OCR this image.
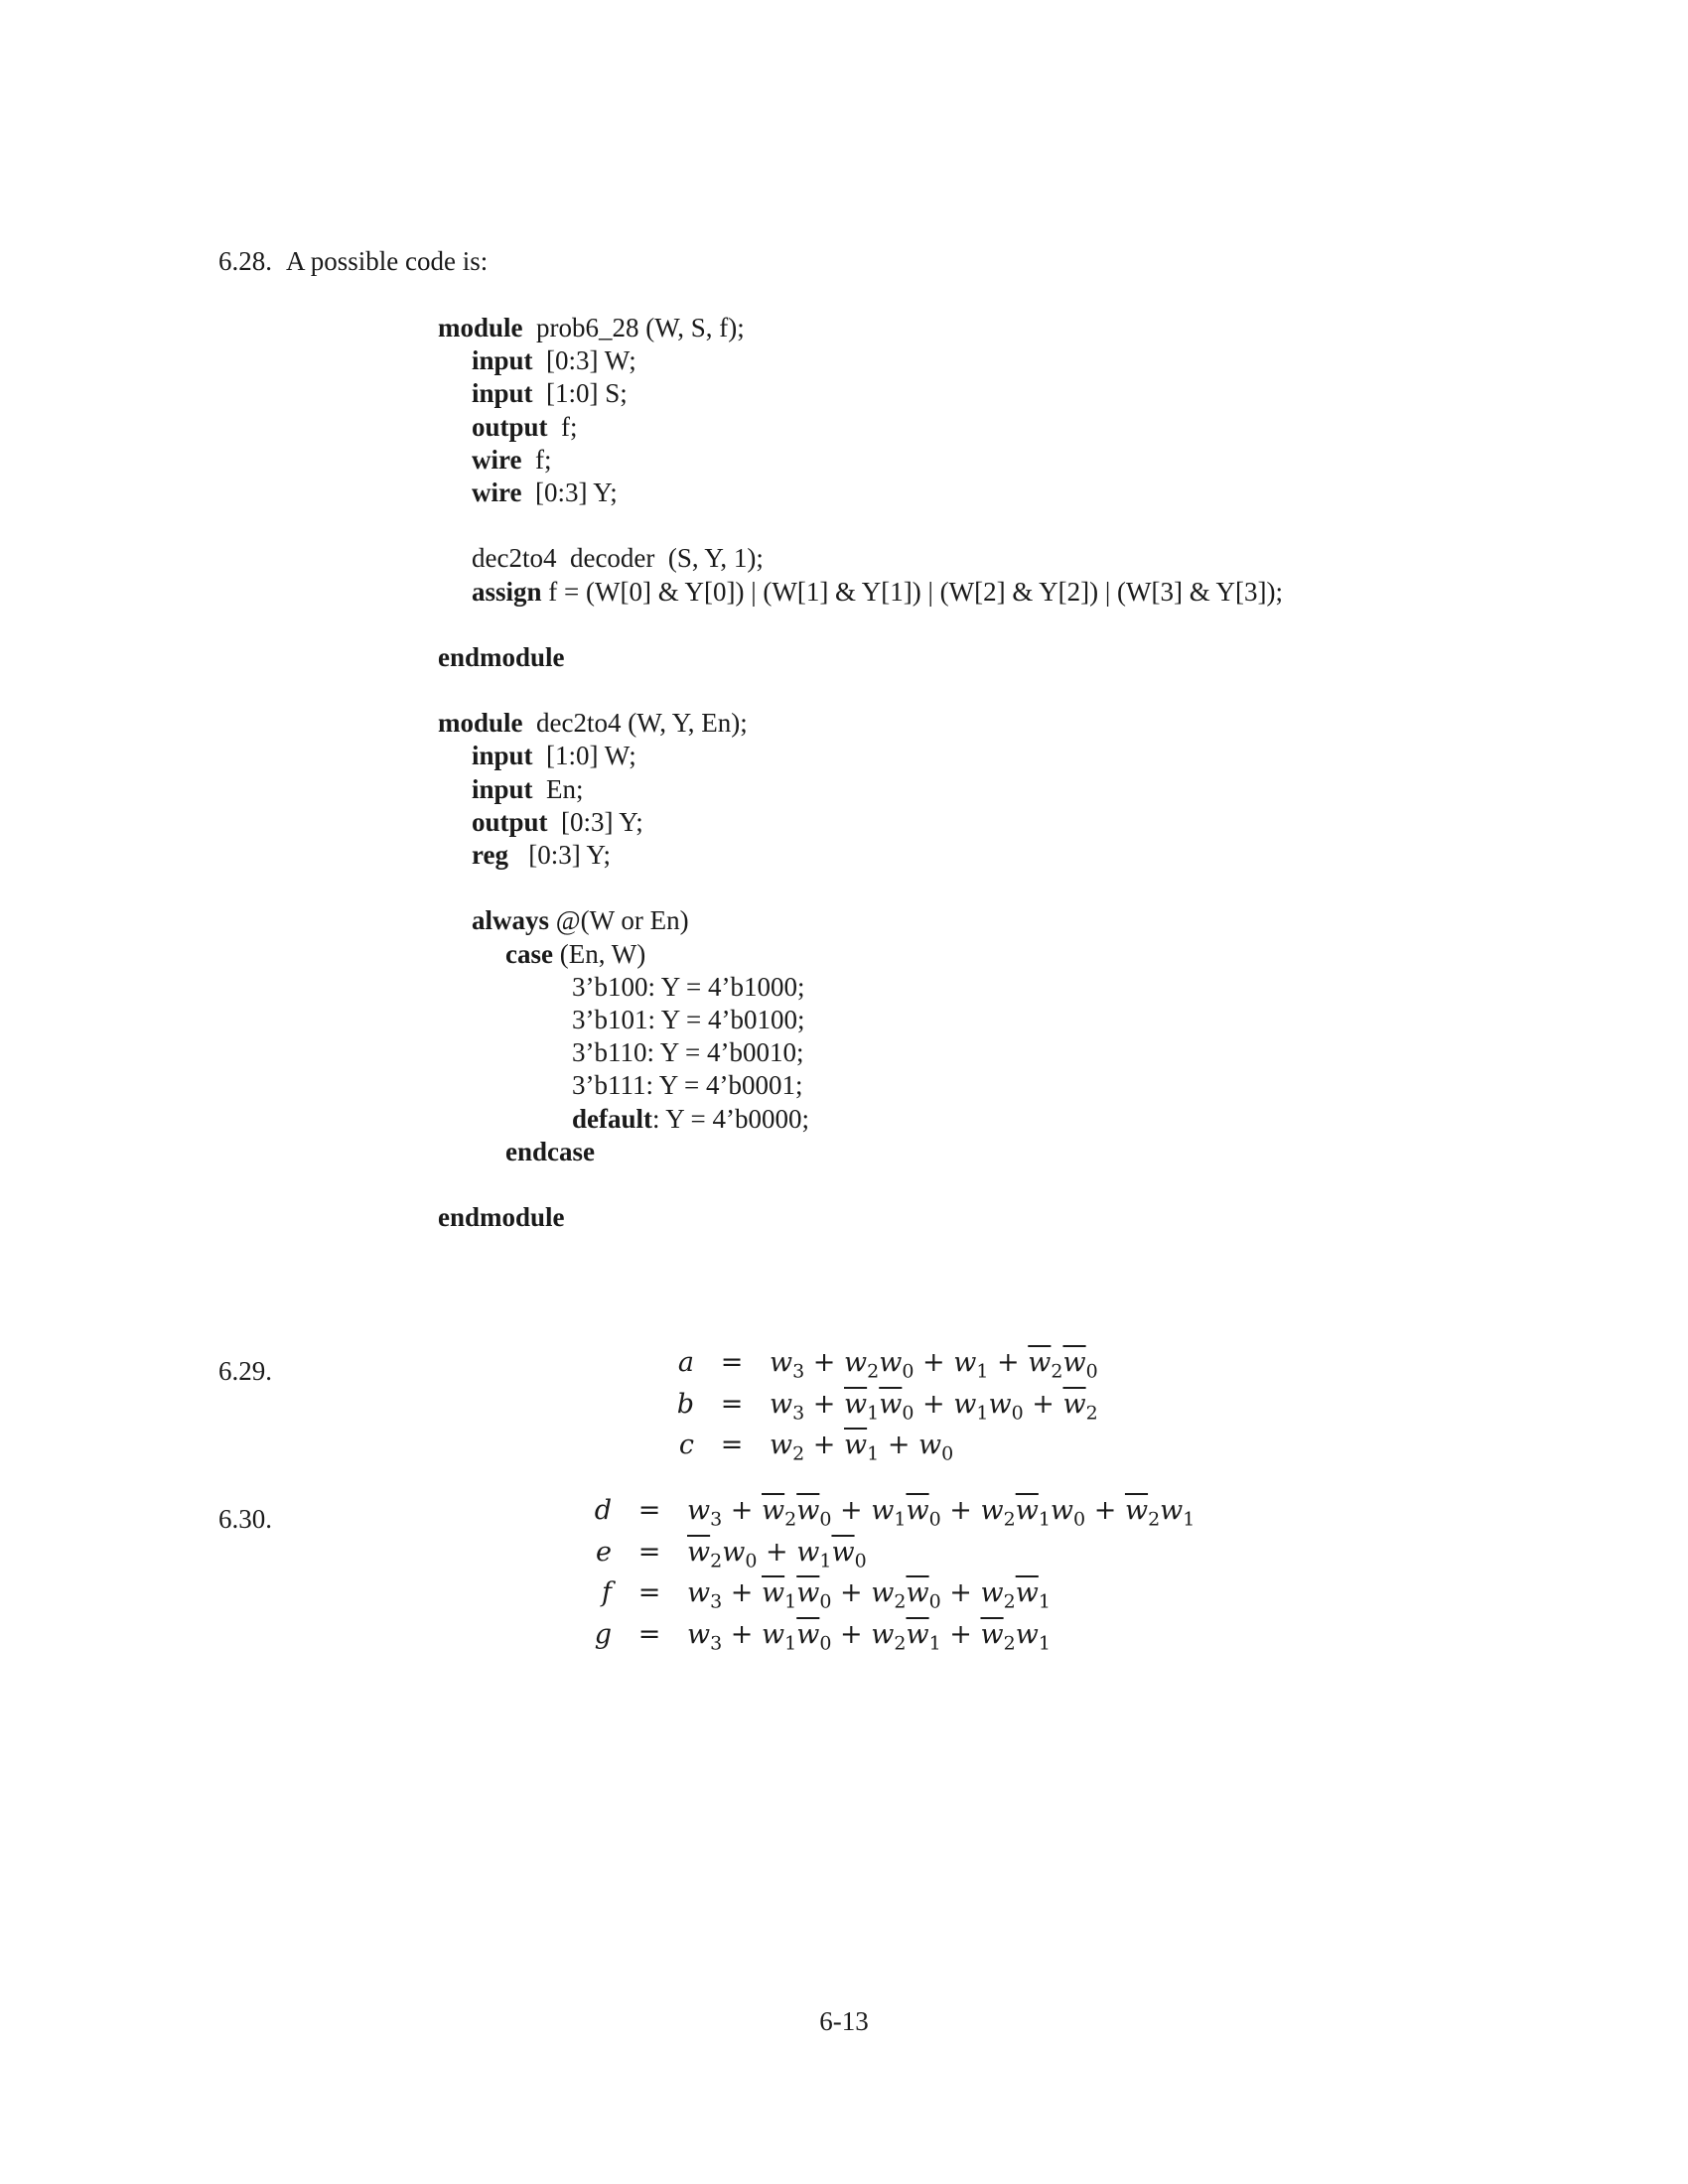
6.28. A possible code is:
module  prob6_28 (W, S, f);
input  [0:3] W;
input  [1:0] S;
output  f;
wire  f;
wire  [0:3] Y;
dec2to4  decoder  (S, Y, 1);
assign f = (W[0] & Y[0]) | (W[1] & Y[1]) | (W[2] & Y[2]) | (W[3] & Y[3]);
endmodule
module  dec2to4 (W, Y, En);
input  [1:0] W;
input  En;
output  [0:3] Y;
reg   [0:3] Y;
always @(W or En)
case (En, W)
3’b100: Y = 4’b1000;
3’b101: Y = 4’b0100;
3’b110: Y = 4’b0010;
3’b111: Y = 4’b0001;
default: Y = 4’b0000;
endcase
endmodule
6.29.	$a = w_3 + w_2w_0 + w_1 + \overline{w}_2\overline{w}_0$
$b = w_3 + \overline{w}_1\overline{w}_0 + w_1w_0 + \overline{w}_2$
$c = w_2 + \overline{w}_1 + w_0$
6.30.	$d = w_3 + \overline{w}_2\overline{w}_0 + w_1\overline{w}_0 + w_2\overline{w}_1w_0 + \overline{w}_2w_1$
$e = \overline{w}_2w_0 + w_1\overline{w}_0$
$f = w_3 + \overline{w}_1\overline{w}_0 + w_2\overline{w}_0 + w_2\overline{w}_1$
$g = w_3 + w_1\overline{w}_0 + w_2\overline{w}_1 + \overline{w}_2w_1$
6-13
